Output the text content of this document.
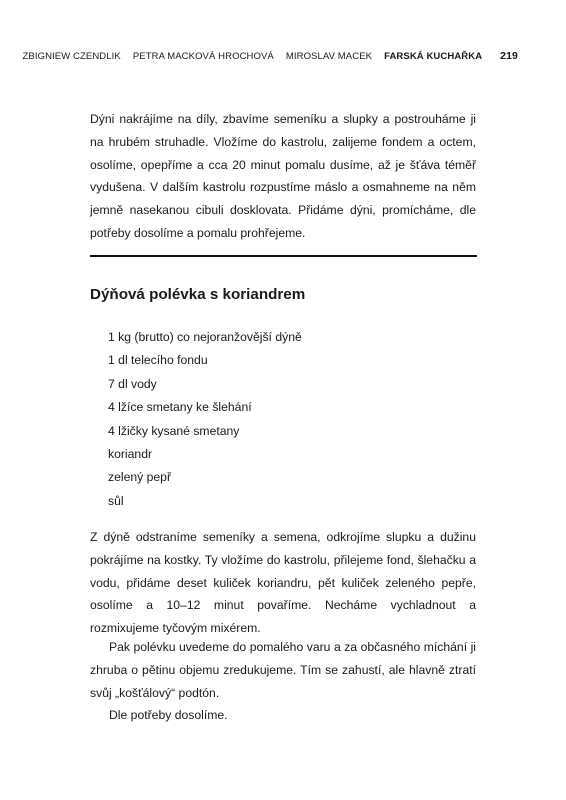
ZBIGNIEW CZENDLIK PETRA MACKOVÁ HROCHOVÁ MIROSLAV MACEK FARSKÁ KUCHAŘKA 219

Dýni nakrájíme na díly, zbavíme semeníku a slupky a postrouháme ji na hrubém struhadle. Vložíme do kastrolu, zalijeme fondem a octem, osolíme, opepříme a cca 20 minut pomalu dusíme, až je šťáva téměř vydušena. V dalším kastrolu rozpustíme máslo a osmahneme na něm jemně nasekanou cibuli dosklovata. Přidáme dýni, promícháme, dle potřeby dosolíme a pomalu prohřejeme.

Dýňová polévka s koriandrem
1 kg (brutto) co nejoranžovější dýně
1 dl telecího fondu
7 dl vody
4 lžíce smetany ke šlehání
4 lžičky kysané smetany
koriandr
zelený pepř
sůl

Z dýně odstraníme semeníky a semena, odkrojíme slupku a dužinu pokrájíme na kostky. Ty vložíme do kastrolu, přilejeme fond, šlehačku a vodu, přidáme deset kuliček koriandru, pět kuliček zeleného pepře, osolíme a 10–12 minut povaříme. Necháme vychladnout a rozmixujeme tyčovým mixérem.

Pak polévku uvedeme do pomalého varu a za občasného míchání ji zhruba o pětinu objemu zredukujeme. Tím se zahustí, ale hlavně ztratí svůj „košťálový“ podtón.

Dle potřeby dosolíme.
